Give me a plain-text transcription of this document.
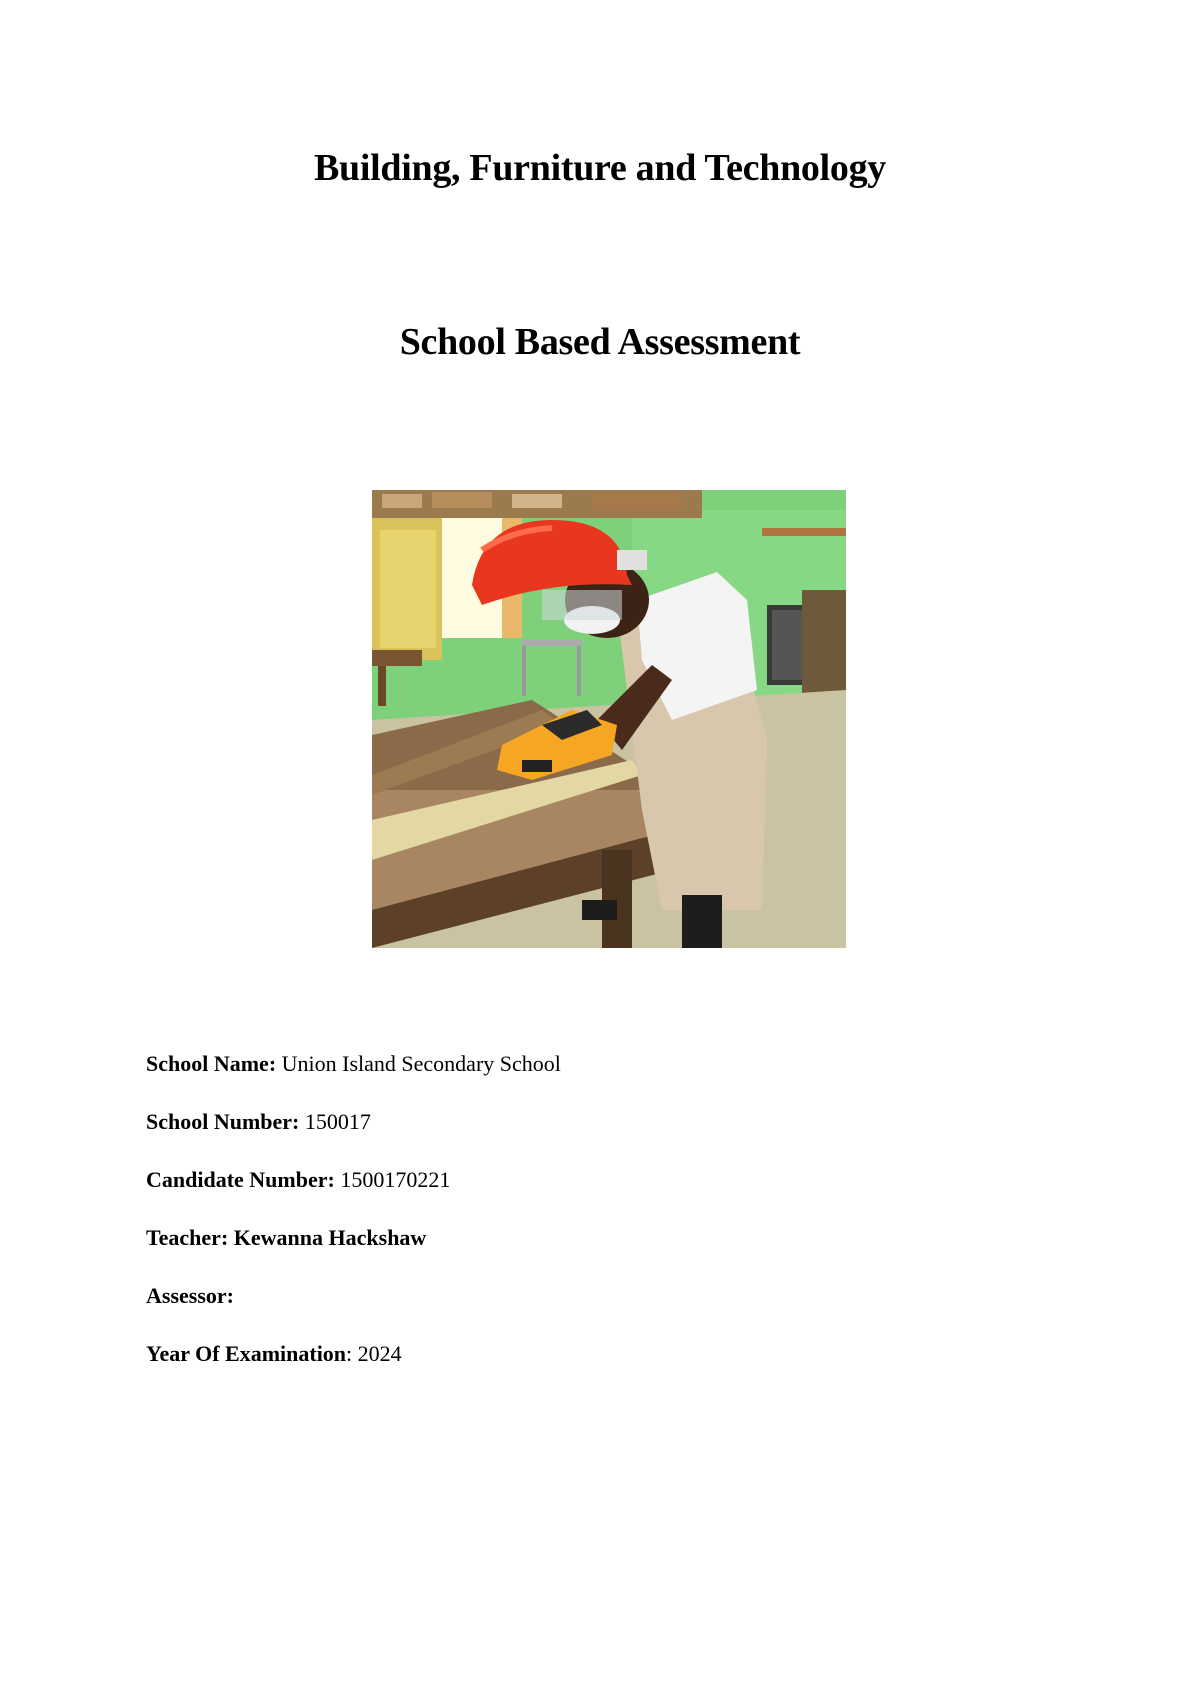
Building, Furniture and Technology
School Based Assessment
School Name: Union Island Secondary School
School Number: 150017
Candidate Number: 1500170221
Teacher: Kewanna Hackshaw
Assessor:
Year Of Examination: 2024
